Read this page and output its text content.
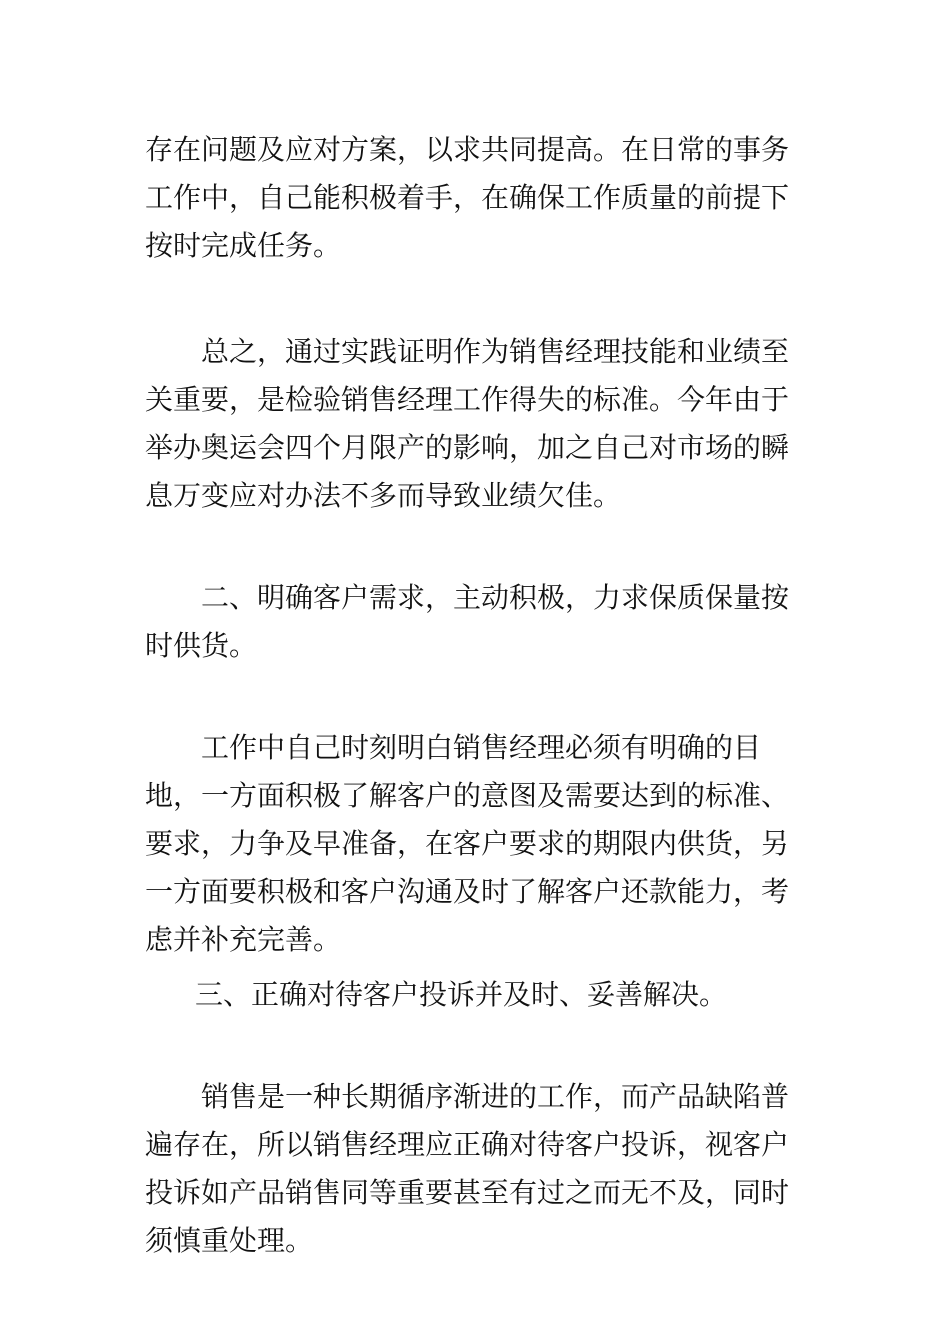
存在问题及应对方案，以求共同提高。在日常的事务工作中，自己能积极着手，在确保工作质量的前提下按时完成任务。

总之，通过实践证明作为销售经理技能和业绩至关重要，是检验销售经理工作得失的标准。今年由于举办奥运会四个月限产的影响，加之自己对市场的瞬息万变应对办法不多而导致业绩欠佳。

二、明确客户需求，主动积极，力求保质保量按时供货。

工作中自己时刻明白销售经理必须有明确的目地，一方面积极了解客户的意图及需要达到的标准、要求，力争及早准备，在客户要求的期限内供货，另一方面要积极和客户沟通及时了解客户还款能力，考虑并补充完善。

三、正确对待客户投诉并及时、妥善解决。

销售是一种长期循序渐进的工作，而产品缺陷普遍存在，所以销售经理应正确对待客户投诉，视客户投诉如产品销售同等重要甚至有过之而无不及，同时须慎重处理。
